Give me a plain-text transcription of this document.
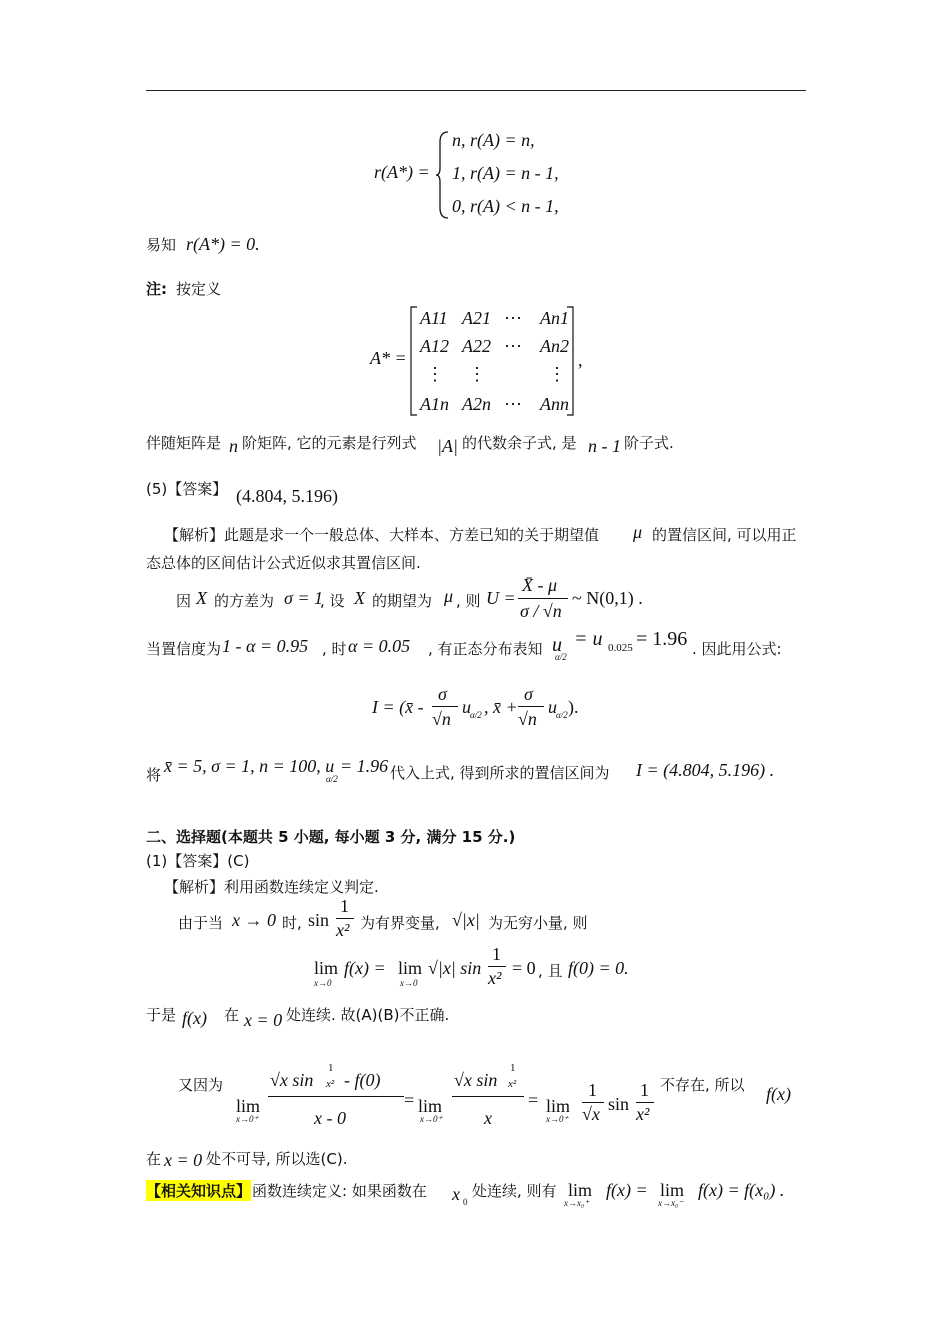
r(A*) =
n, r(A) = n,
1, r(A) = n - 1,
0, r(A) < n - 1,
易知 r(A*) = 0.
注: 按定义
A* =
A11 A21 ⋯ An1
A12 A22 ⋯ An2
⋮ ⋮	⋮
A1n A2n ⋯ Ann
,
伴随矩阵是 n 阶矩阵, 它的元素是行列式 |A| 的代数余子式, 是 n - 1 阶子式.
(5)【答案】 (4.804, 5.196)
【解析】此题是求一个一般总体、大样本、方差已知的关于期望值 μ 的置信区间, 可以用正
态总体的区间估计公式近似求其置信区间.
因 X 的方差为 σ = 1
, 设 X 的期望为 μ , 则 U =
X̄ - μ
σ / √n
~ N(0,1) .
当置信度为 1 - α = 0.95 , 时 α = 0.05 , 有正态分布表知 u
α/2
= u 0.025 = 1.96 . 因此用公式:
I = (x̄ -
σ
√n
u α/2 , x̄ +
σ
√n
u α/2 ).
将 x̄ = 5, σ = 1, n = 100, u
α/2
= 1.96 代入上式, 得到所求的置信区间为 I = (4.804, 5.196) .
二、选择题(本题共 5 小题, 每小题 3 分, 满分 15 分.)
(1)【答案】(C)
【解析】利用函数连续定义判定.
由于当 x → 0 时, sin
1
x² 为有界变量, √|x| 为无穷小量, 则
lim
x→0
f(x) = lim
x→0
√|x| sin
1
x² = 0 , 且 f(0) = 0.
于是 f(x) 在 x = 0 处连续. 故(A)(B)不正确.
又因为
lim
x→0⁺
√x sin
1
x² - f(0)
x - 0
= lim
x→0⁺
√x sin
1
x²
x
= lim
x→0⁺
1
√x sin
1
x²
不存在, 所以 f(x)
在 x = 0 处不可导, 所以选(C).
【相关知识点】 函数连续定义: 如果函数在 x 0
处连续, 则有 lim
x→x₀⁺
f(x) = lim
x→x₀⁻
f(x) = f(x₀) .
